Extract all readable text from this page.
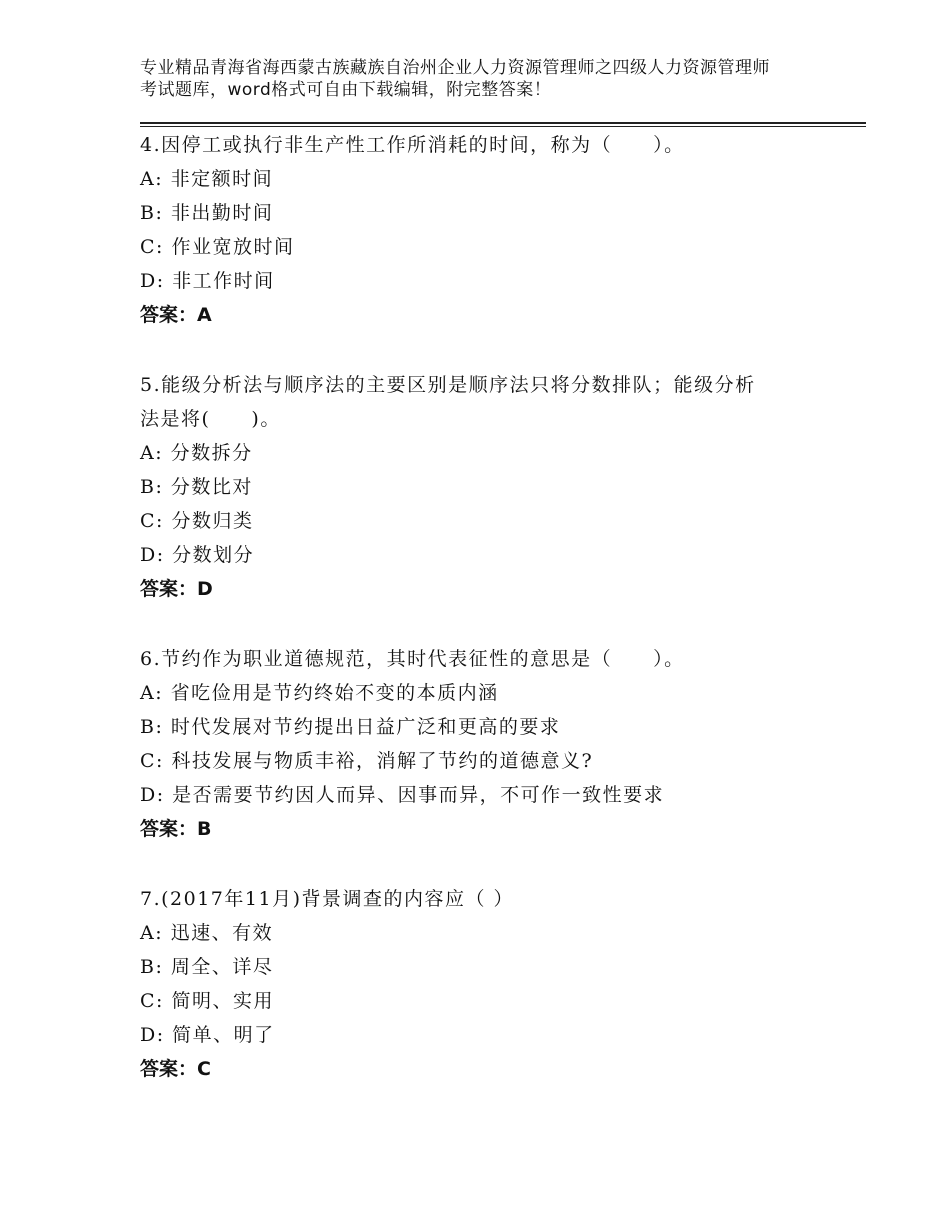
专业精品青海省海西蒙古族藏族自治州企业人力资源管理师之四级人力资源管理师
考试题库，word格式可自由下载编辑，附完整答案！
4.因停工或执行非生产性工作所消耗的时间，称为（　　）。
A: 非定额时间
B: 非出勤时间
C: 作业宽放时间
D: 非工作时间
答案：A
5.能级分析法与顺序法的主要区别是顺序法只将分数排队；能级分析
法是将(　　)。
A: 分数拆分
B: 分数比对
C: 分数归类
D: 分数划分
答案：D
6.节约作为职业道德规范，其时代表征性的意思是（　　）。
A: 省吃俭用是节约终始不变的本质内涵
B: 时代发展对节约提出日益广泛和更高的要求
C: 科技发展与物质丰裕，消解了节约的道德意义?
D: 是否需要节约因人而异、因事而异，不可作一致性要求
答案：B
7.(2017年11月)背景调查的内容应（ ）
A: 迅速、有效
B: 周全、详尽
C: 简明、实用
D: 简单、明了
答案：C
